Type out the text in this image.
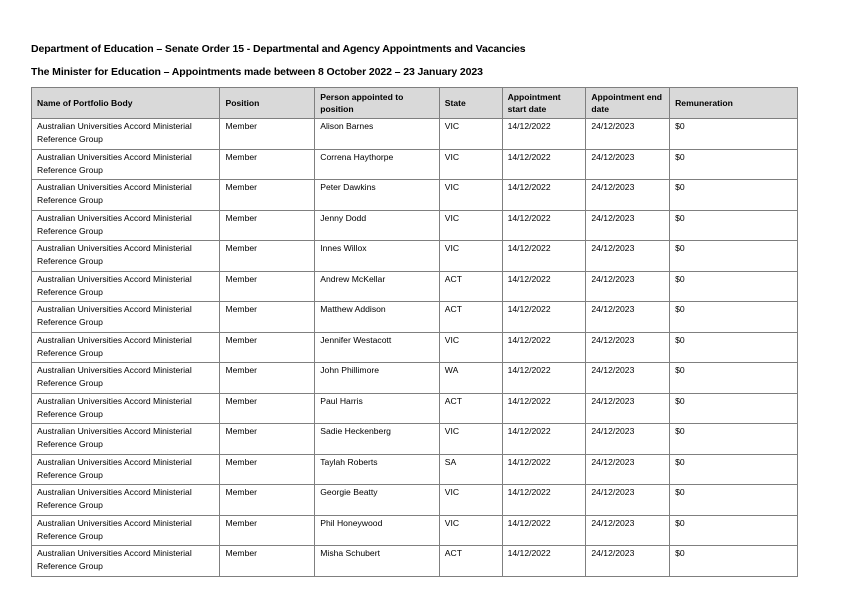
Department of Education – Senate Order 15 - Departmental and Agency Appointments and Vacancies
The Minister for Education – Appointments made between 8 October 2022 – 23 January 2023
Name of Portfolio Body	Position	Person appointed to position	State	Appointment start date	Appointment end date	Remuneration
Australian Universities Accord Ministerial Reference Group	Member	Alison Barnes	VIC	14/12/2022	24/12/2023	$0
Australian Universities Accord Ministerial Reference Group	Member	Correna Haythorpe	VIC	14/12/2022	24/12/2023	$0
Australian Universities Accord Ministerial Reference Group	Member	Peter Dawkins	VIC	14/12/2022	24/12/2023	$0
Australian Universities Accord Ministerial Reference Group	Member	Jenny Dodd	VIC	14/12/2022	24/12/2023	$0
Australian Universities Accord Ministerial Reference Group	Member	Innes Willox	VIC	14/12/2022	24/12/2023	$0
Australian Universities Accord Ministerial Reference Group	Member	Andrew McKellar	ACT	14/12/2022	24/12/2023	$0
Australian Universities Accord Ministerial Reference Group	Member	Matthew Addison	ACT	14/12/2022	24/12/2023	$0
Australian Universities Accord Ministerial Reference Group	Member	Jennifer Westacott	VIC	14/12/2022	24/12/2023	$0
Australian Universities Accord Ministerial Reference Group	Member	John Phillimore	WA	14/12/2022	24/12/2023	$0
Australian Universities Accord Ministerial Reference Group	Member	Paul Harris	ACT	14/12/2022	24/12/2023	$0
Australian Universities Accord Ministerial Reference Group	Member	Sadie Heckenberg	VIC	14/12/2022	24/12/2023	$0
Australian Universities Accord Ministerial Reference Group	Member	Taylah Roberts	SA	14/12/2022	24/12/2023	$0
Australian Universities Accord Ministerial Reference Group	Member	Georgie Beatty	VIC	14/12/2022	24/12/2023	$0
Australian Universities Accord Ministerial Reference Group	Member	Phil Honeywood	VIC	14/12/2022	24/12/2023	$0
Australian Universities Accord Ministerial Reference Group	Member	Misha Schubert	ACT	14/12/2022	24/12/2023	$0
